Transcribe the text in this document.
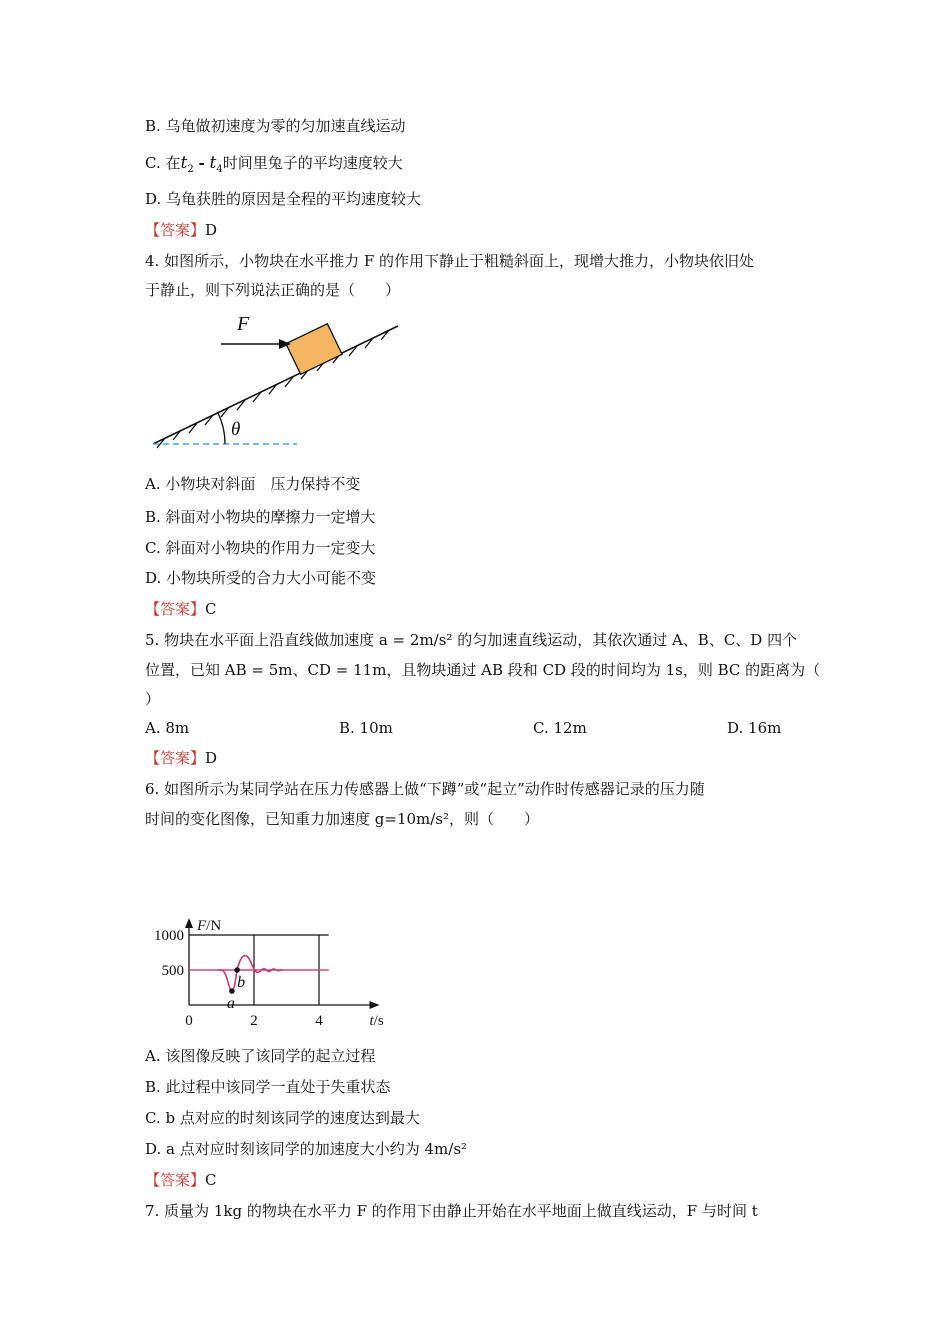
B. 乌龟做初速度为零的匀加速直线运动
C. 在$t_2 - t_4$时间里兔子的平均速度较大
D. 乌龟获胜的原因是全程的平均速度较大
【答案】D
4. 如图所示，小物块在水平推力 F 的作用下静止于粗糙斜面上，现增大推力，小物块依旧处
于静止，则下列说法正确的是（　　）
θ
F
A. 小物块对斜面　压力保持不变
B. 斜面对小物块的摩擦力一定增大
C. 斜面对小物块的作用力一定变大
D. 小物块所受的合力大小可能不变
【答案】C
5. 物块在水平面上沿直线做加速度 a = 2m/s² 的匀加速直线运动，其依次通过 A、B、C、D 四个
位置，已知 AB = 5m、CD = 11m，且物块通过 AB 段和 CD 段的时间均为 1s，则 BC 的距离为（
）
A. 8m	B. 10m	C. 12m	D. 16m
【答案】D
6. 如图所示为某同学站在压力传感器上做“下蹲”或“起立”动作时传感器记录的压力随
时间的变化图像，已知重力加速度 g=10m/s²，则（　　）
500
1000
0	2	4
F/N
t/s
a
b
A. 该图像反映了该同学的起立过程
B. 此过程中该同学一直处于失重状态
C. b 点对应的时刻该同学的速度达到最大
D. a 点对应时刻该同学的加速度大小约为 4m/s²
【答案】C
7. 质量为 1kg 的物块在水平力 F 的作用下由静止开始在水平地面上做直线运动，F 与时间 t
